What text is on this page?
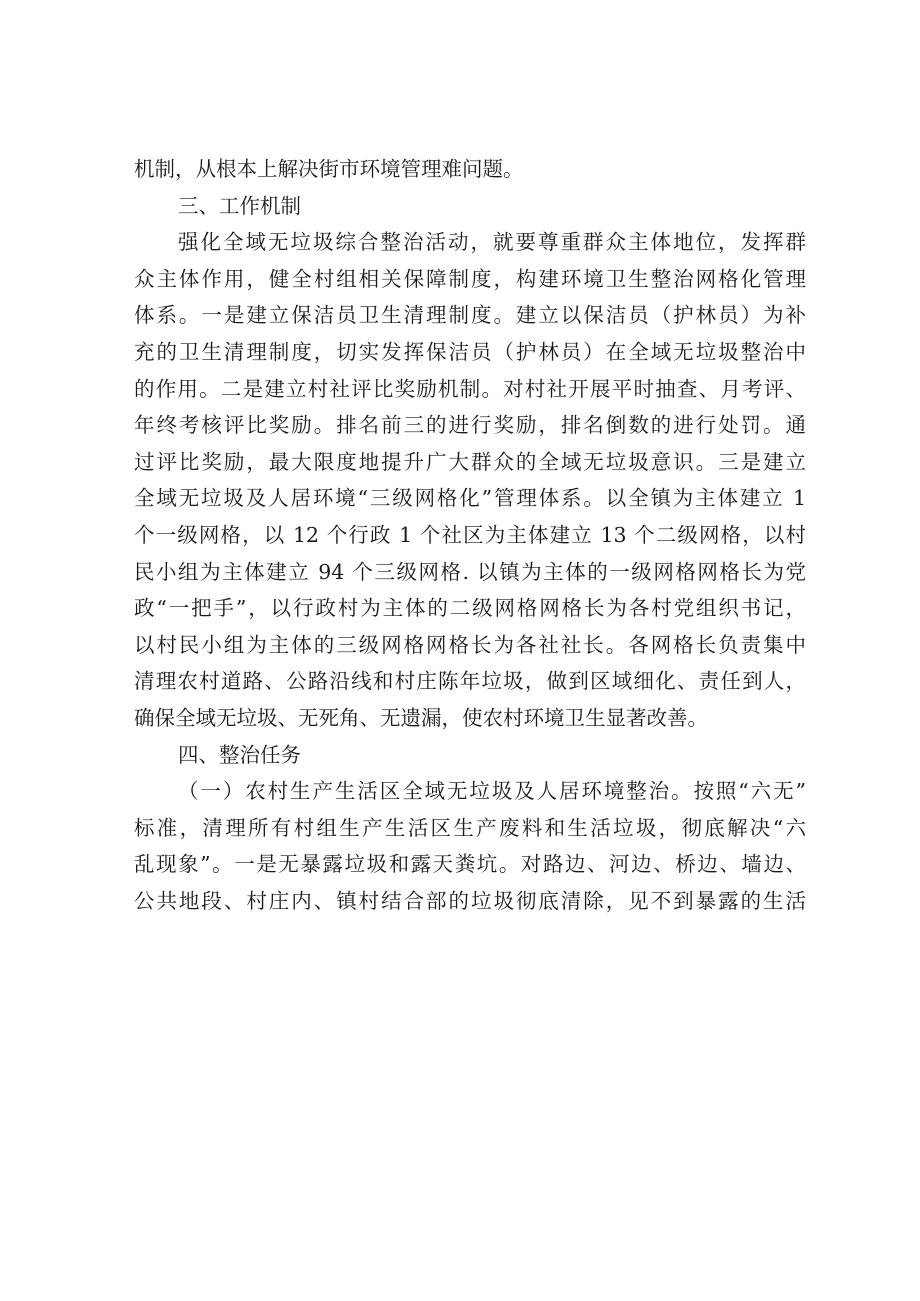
机制，从根本上解决街市环境管理难问题。
三、工作机制
强化全域无垃圾综合整治活动，就要尊重群众主体地位，发挥群
众主体作用，健全村组相关保障制度，构建环境卫生整治网格化管理
体系。一是建立保洁员卫生清理制度。建立以保洁员（护林员）为补
充的卫生清理制度，切实发挥保洁员（护林员）在全域无垃圾整治中
的作用。二是建立村社评比奖励机制。对村社开展平时抽查、月考评、
年终考核评比奖励。排名前三的进行奖励，排名倒数的进行处罚。通
过评比奖励，最大限度地提升广大群众的全域无垃圾意识。三是建立
全域无垃圾及人居环境“三级网格化”管理体系。以全镇为主体建立 1
个一级网格，以 12 个行政 1 个社区为主体建立 13 个二级网格，以村
民小组为主体建立 94 个三级网格. 以镇为主体的一级网格网格长为党
政“一把手”，以行政村为主体的二级网格网格长为各村党组织书记，
以村民小组为主体的三级网格网格长为各社社长。各网格长负责集中
清理农村道路、公路沿线和村庄陈年垃圾，做到区域细化、责任到人，
确保全域无垃圾、无死角、无遗漏，使农村环境卫生显著改善。
四、整治任务
（一）农村生产生活区全域无垃圾及人居环境整治。按照“六无”
标准，清理所有村组生产生活区生产废料和生活垃圾，彻底解决“六
乱现象”。一是无暴露垃圾和露天粪坑。对路边、河边、桥边、墙边、
公共地段、村庄内、镇村结合部的垃圾彻底清除，见不到暴露的生活
